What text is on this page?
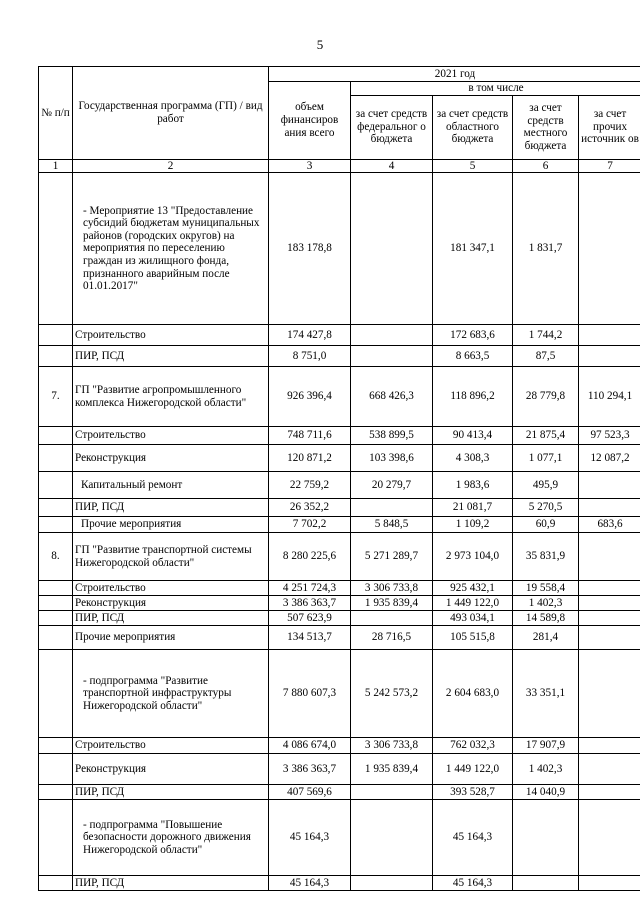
5
№ п/п	Государственная программа (ГП) / вид работ	2021 год				
		объем финансиров ания всего	в том числе			
			за счет средств федеральног о бюджета	за счет средств областного бюджета	за счет средств местного бюджета	за счет прочих источник ов
1	2	3	4	5	6	7
	- Мероприятие 13 "Предоставление субсидий бюджетам муниципальных районов (городских округов) на мероприятия по переселению граждан из жилищного фонда, признанного аварийным после 01.01.2017"	183 178,8		181 347,1	1 831,7	
	Строительство	174 427,8		172 683,6	1 744,2	
	ПИР, ПСД	8 751,0		8 663,5	87,5	
7.	ГП "Развитие агропромышленного комплекса Нижегородской области"	926 396,4	668 426,3	118 896,2	28 779,8	110 294,1
	Строительство	748 711,6	538 899,5	90 413,4	21 875,4	97 523,3
	Реконструкция	120 871,2	103 398,6	4 308,3	1 077,1	12 087,2
	Капитальный ремонт	22 759,2	20 279,7	1 983,6	495,9	
	ПИР, ПСД	26 352,2		21 081,7	5 270,5	
	Прочие мероприятия	7 702,2	5 848,5	1 109,2	60,9	683,6
8.	ГП "Развитие транспортной системы Нижегородской области"	8 280 225,6	5 271 289,7	2 973 104,0	35 831,9	
	Строительство	4 251 724,3	3 306 733,8	925 432,1	19 558,4	
	Реконструкция	3 386 363,7	1 935 839,4	1 449 122,0	1 402,3	
	ПИР, ПСД	507 623,9		493 034,1	14 589,8	
	Прочие мероприятия	134 513,7	28 716,5	105 515,8	281,4	
	- подпрограмма "Развитие транспортной инфраструктуры Нижегородской области"	7 880 607,3	5 242 573,2	2 604 683,0	33 351,1	
	Строительство	4 086 674,0	3 306 733,8	762 032,3	17 907,9	
	Реконструкция	3 386 363,7	1 935 839,4	1 449 122,0	1 402,3	
	ПИР, ПСД	407 569,6		393 528,7	14 040,9	
	- подпрограмма "Повышение безопасности дорожного движения Нижегородской области"	45 164,3		45 164,3		
	ПИР, ПСД	45 164,3		45 164,3		
